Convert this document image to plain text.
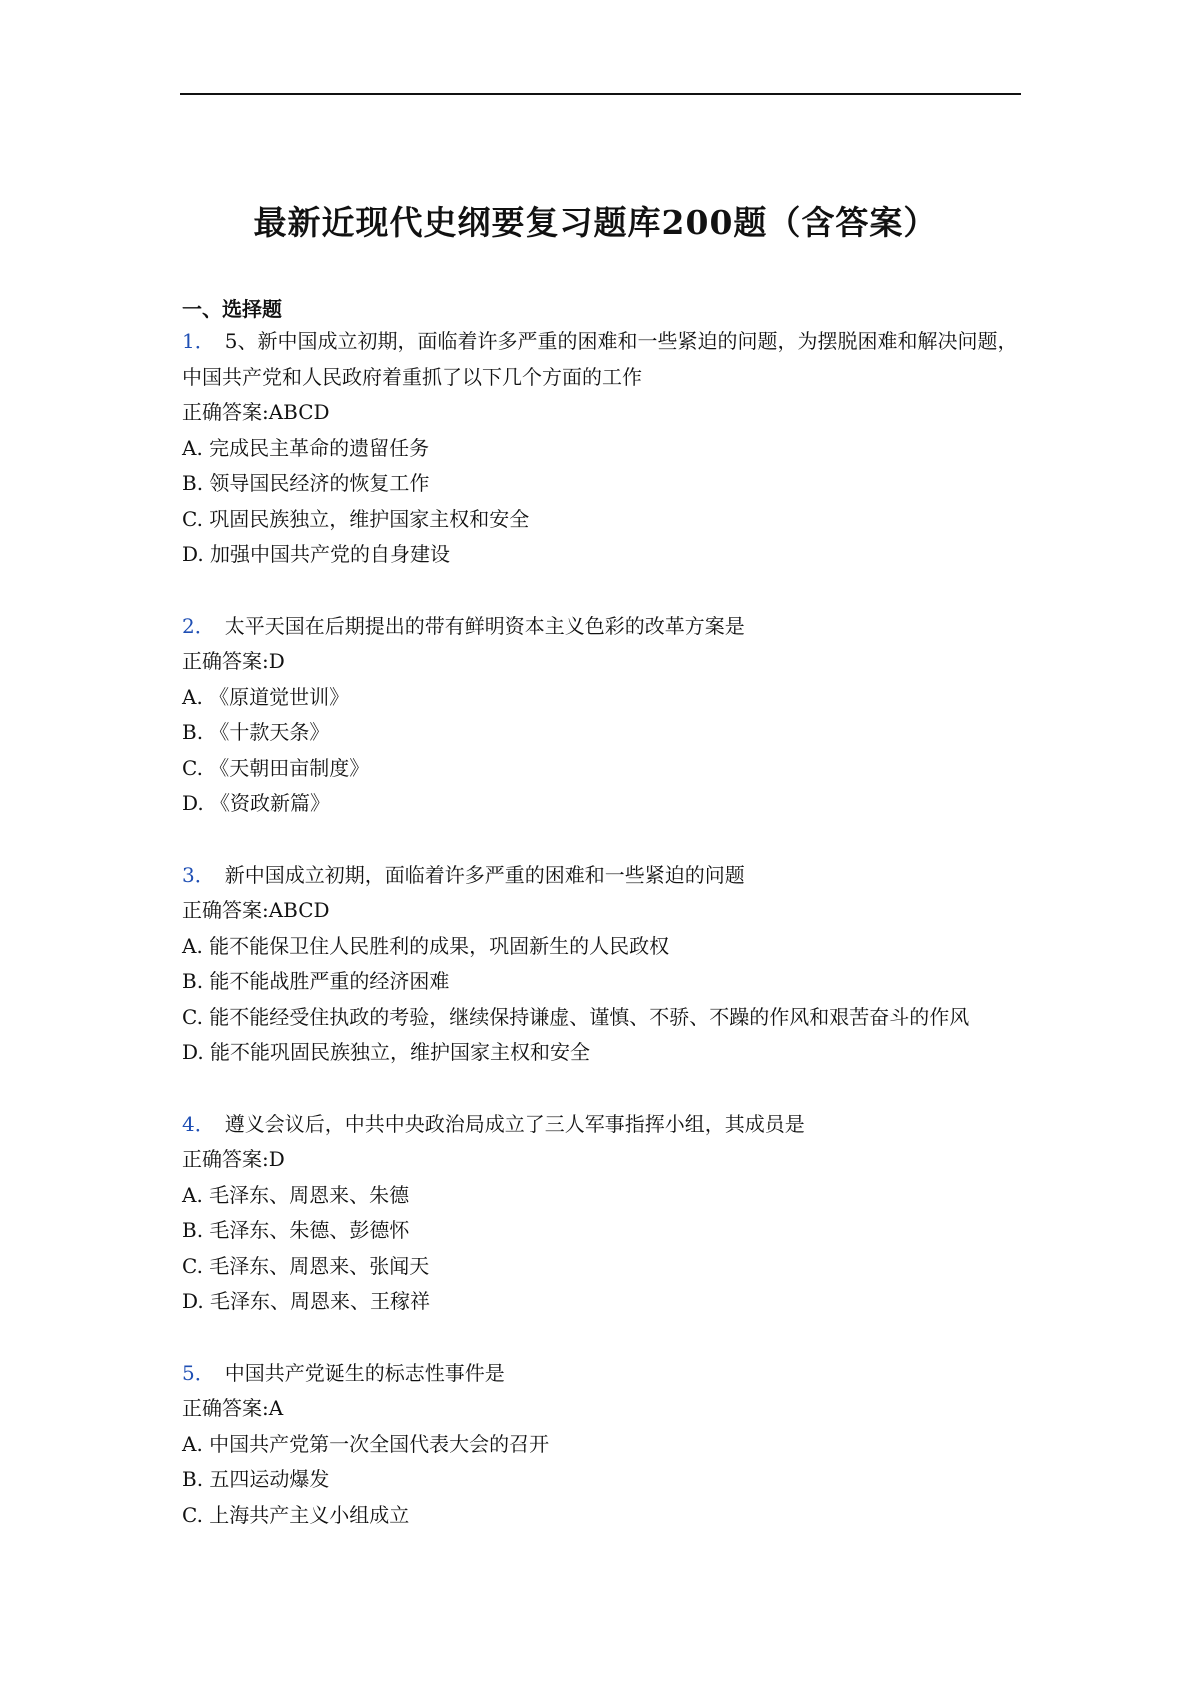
最新近现代史纲要复习题库200题（含答案）

一、选择题

1． 5、新中国成立初期，面临着许多严重的困难和一些紧迫的问题，为摆脱困难和解决问题，中国共产党和人民政府着重抓了以下几个方面的工作

正确答案:ABCD

A. 完成民主革命的遗留任务

B. 领导国民经济的恢复工作

C. 巩固民族独立，维护国家主权和安全

D. 加强中国共产党的自身建设

2． 太平天国在后期提出的带有鲜明资本主义色彩的改革方案是

正确答案:D

A. 《原道觉世训》

B. 《十款天条》

C. 《天朝田亩制度》

D. 《资政新篇》

3． 新中国成立初期，面临着许多严重的困难和一些紧迫的问题

正确答案:ABCD

A. 能不能保卫住人民胜利的成果，巩固新生的人民政权

B. 能不能战胜严重的经济困难

C. 能不能经受住执政的考验，继续保持谦虚、谨慎、不骄、不躁的作风和艰苦奋斗的作风

D. 能不能巩固民族独立，维护国家主权和安全

4． 遵义会议后，中共中央政治局成立了三人军事指挥小组，其成员是

正确答案:D

A. 毛泽东、周恩来、朱德

B. 毛泽东、朱德、彭德怀

C. 毛泽东、周恩来、张闻天

D. 毛泽东、周恩来、王稼祥

5． 中国共产党诞生的标志性事件是

正确答案:A

A. 中国共产党第一次全国代表大会的召开

B. 五四运动爆发

C. 上海共产主义小组成立
